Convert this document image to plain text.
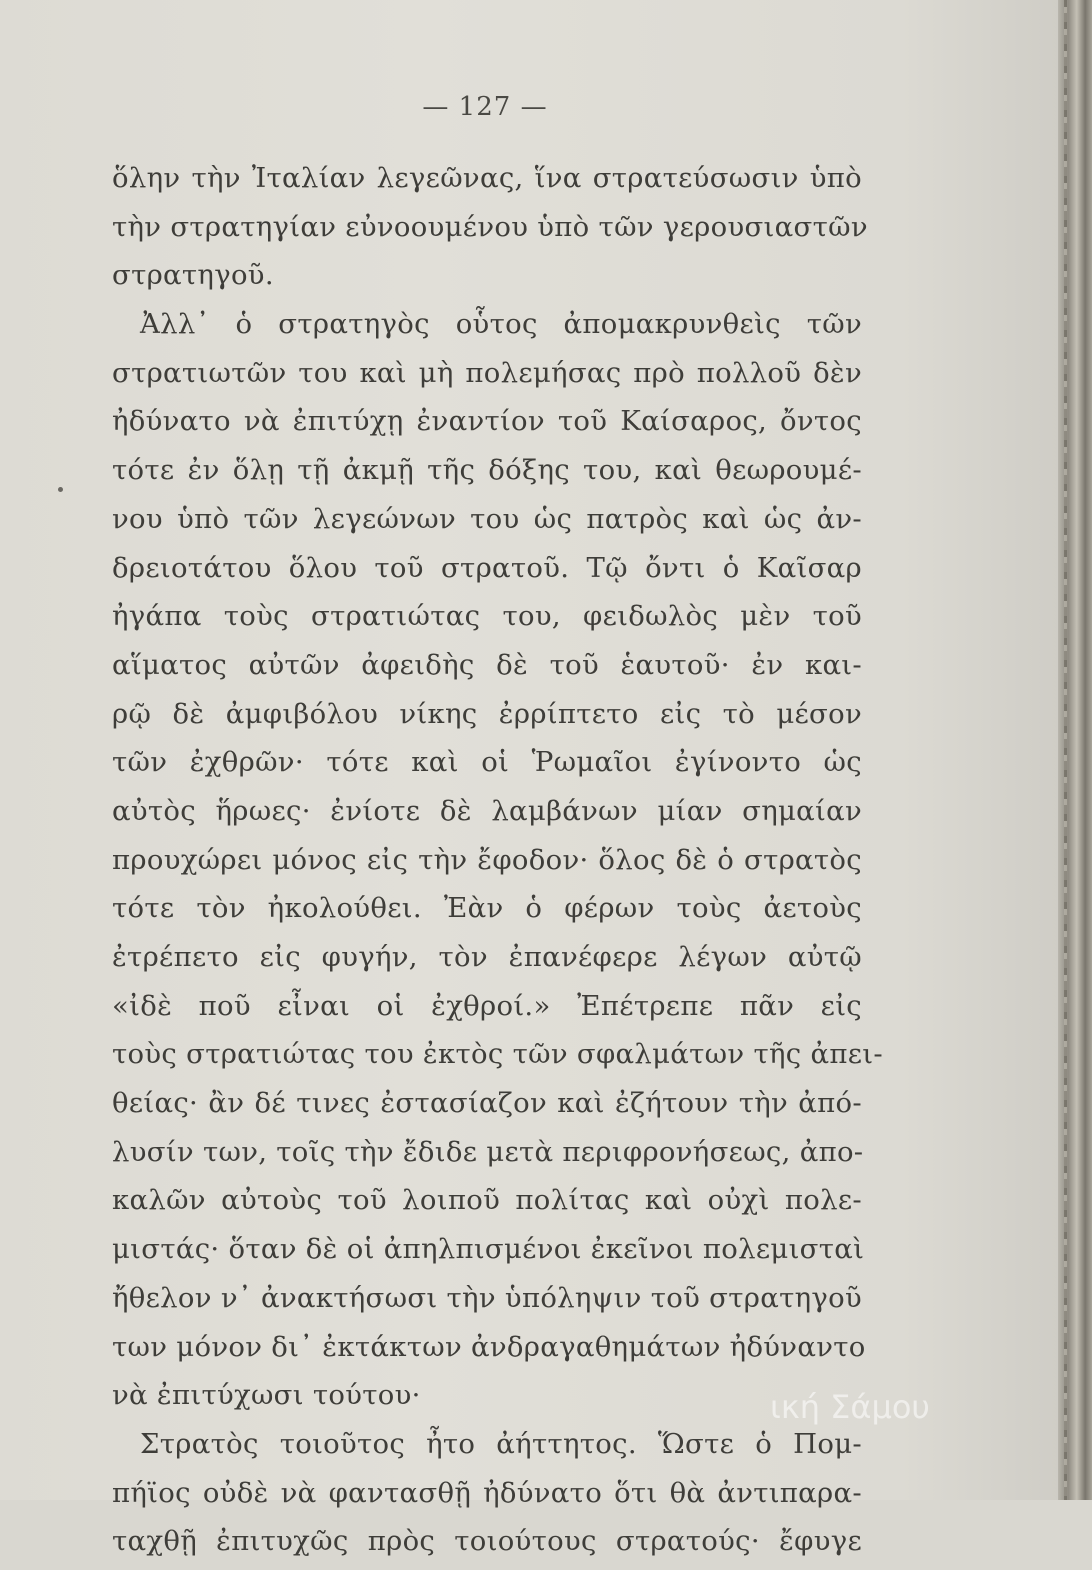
— 127 —
ὅλην τὴν Ἰταλίαν λεγεῶνας, ἵνα στρατεύσωσιν ὑπὸ
τὴν στρατηγίαν εὐνοουμένου ὑπὸ τῶν γερουσιαστῶν
στρατηγοῦ.
Ἀλλ᾽ ὁ στρατηγὸς οὗτος ἀπομακρυνθεὶς τῶν
στρατιωτῶν του καὶ μὴ πολεμήσας πρὸ πολλοῦ δὲν
ἠδύνατο νὰ ἐπιτύχῃ ἐναντίον τοῦ Καίσαρος, ὄντος
τότε ἐν ὅλῃ τῇ ἀκμῇ τῆς δόξης του, καὶ θεωρουμέ-
νου ὑπὸ τῶν λεγεώνων του ὡς πατρὸς καὶ ὡς ἀν-
δρειοτάτου ὅλου τοῦ στρατοῦ. Τῷ ὄντι ὁ Καῖσαρ
ἠγάπα τοὺς στρατιώτας του, φειδωλὸς μὲν τοῦ
αἵματος αὐτῶν ἀφειδὴς δὲ τοῦ ἑαυτοῦ· ἐν και-
ρῷ δὲ ἀμφιβόλου νίκης ἐρρίπτετο εἰς τὸ μέσον
τῶν ἐχθρῶν· τότε καὶ οἱ Ῥωμαῖοι ἐγίνοντο ὡς
αὐτὸς ἥρωες· ἐνίοτε δὲ λαμβάνων μίαν σημαίαν
προυχώρει μόνος εἰς τὴν ἔφοδον· ὅλος δὲ ὁ στρατὸς
τότε τὸν ἠκολούθει. Ἐὰν ὁ φέρων τοὺς ἀετοὺς
ἐτρέπετο εἰς φυγήν, τὸν ἐπανέφερε λέγων αὐτῷ
«ἰδὲ ποῦ εἶναι οἱ ἐχθροί.» Ἐπέτρεπε πᾶν εἰς
τοὺς στρατιώτας του ἐκτὸς τῶν σφαλμάτων τῆς ἀπει-
θείας· ἂν δέ τινες ἐστασίαζον καὶ ἐζήτουν τὴν ἀπό-
λυσίν των, τοῖς τὴν ἔδιδε μετὰ περιφρονήσεως, ἀπο-
καλῶν αὐτοὺς τοῦ λοιποῦ πολίτας καὶ οὐχὶ πολε-
μιστάς· ὅταν δὲ οἱ ἀπηλπισμένοι ἐκεῖνοι πολεμισταὶ
ἤθελον ν᾽ ἀνακτήσωσι τὴν ὑπόληψιν τοῦ στρατηγοῦ
των μόνον δι᾽ ἐκτάκτων ἀνδραγαθημάτων ἠδύναντο
νὰ ἐπιτύχωσι τούτου·
Στρατὸς τοιοῦτος ἦτο ἀήττητος. Ὥστε ὁ Πομ-
πήϊος οὐδὲ νὰ φαντασθῇ ἠδύνατο ὅτι θὰ ἀντιπαρα-
ταχθῇ ἐπιτυχῶς πρὸς τοιούτους στρατούς· ἔφυγε
ική Σάμου
